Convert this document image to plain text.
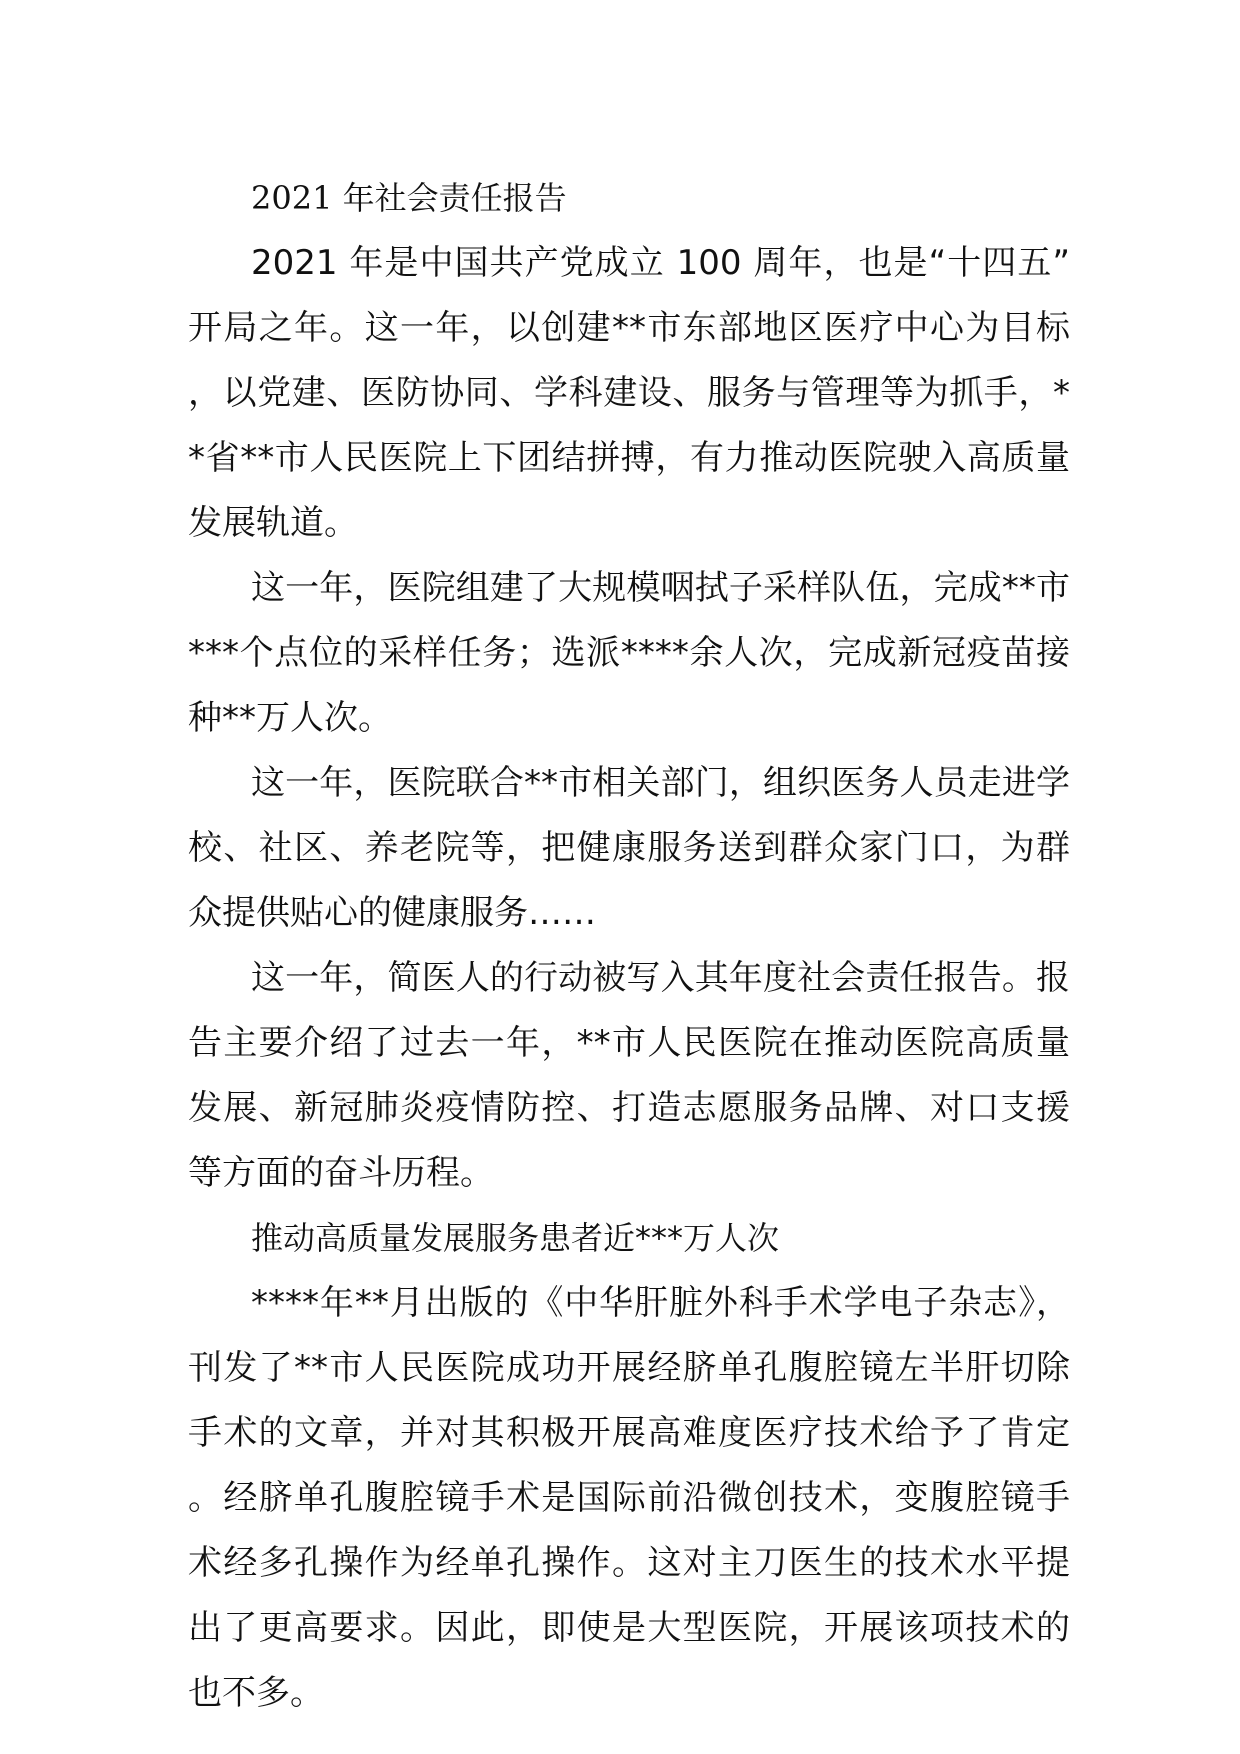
2021 年社会责任报告

2021 年是中国共产党成立 100 周年，也是“十四五”开局之年。这一年，以创建**市东部地区医疗中心为目标，以党建、医防协同、学科建设、服务与管理等为抓手，**省**市人民医院上下团结拼搏，有力推动医院驶入高质量发展轨道。

这一年，医院组建了大规模咽拭子采样队伍，完成**市***个点位的采样任务；选派****余人次，完成新冠疫苗接种**万人次。

这一年，医院联合**市相关部门，组织医务人员走进学校、社区、养老院等，把健康服务送到群众家门口，为群众提供贴心的健康服务……

这一年，简医人的行动被写入其年度社会责任报告。报告主要介绍了过去一年，**市人民医院在推动医院高质量发展、新冠肺炎疫情防控、打造志愿服务品牌、对口支援等方面的奋斗历程。

推动高质量发展服务患者近***万人次

****年**月出版的《中华肝脏外科手术学电子杂志》，刊发了**市人民医院成功开展经脐单孔腹腔镜左半肝切除手术的文章，并对其积极开展高难度医疗技术给予了肯定。经脐单孔腹腔镜手术是国际前沿微创技术，变腹腔镜手术经多孔操作为经单孔操作。这对主刀医生的技术水平提出了更高要求。因此，即使是大型医院，开展该项技术的也不多。
